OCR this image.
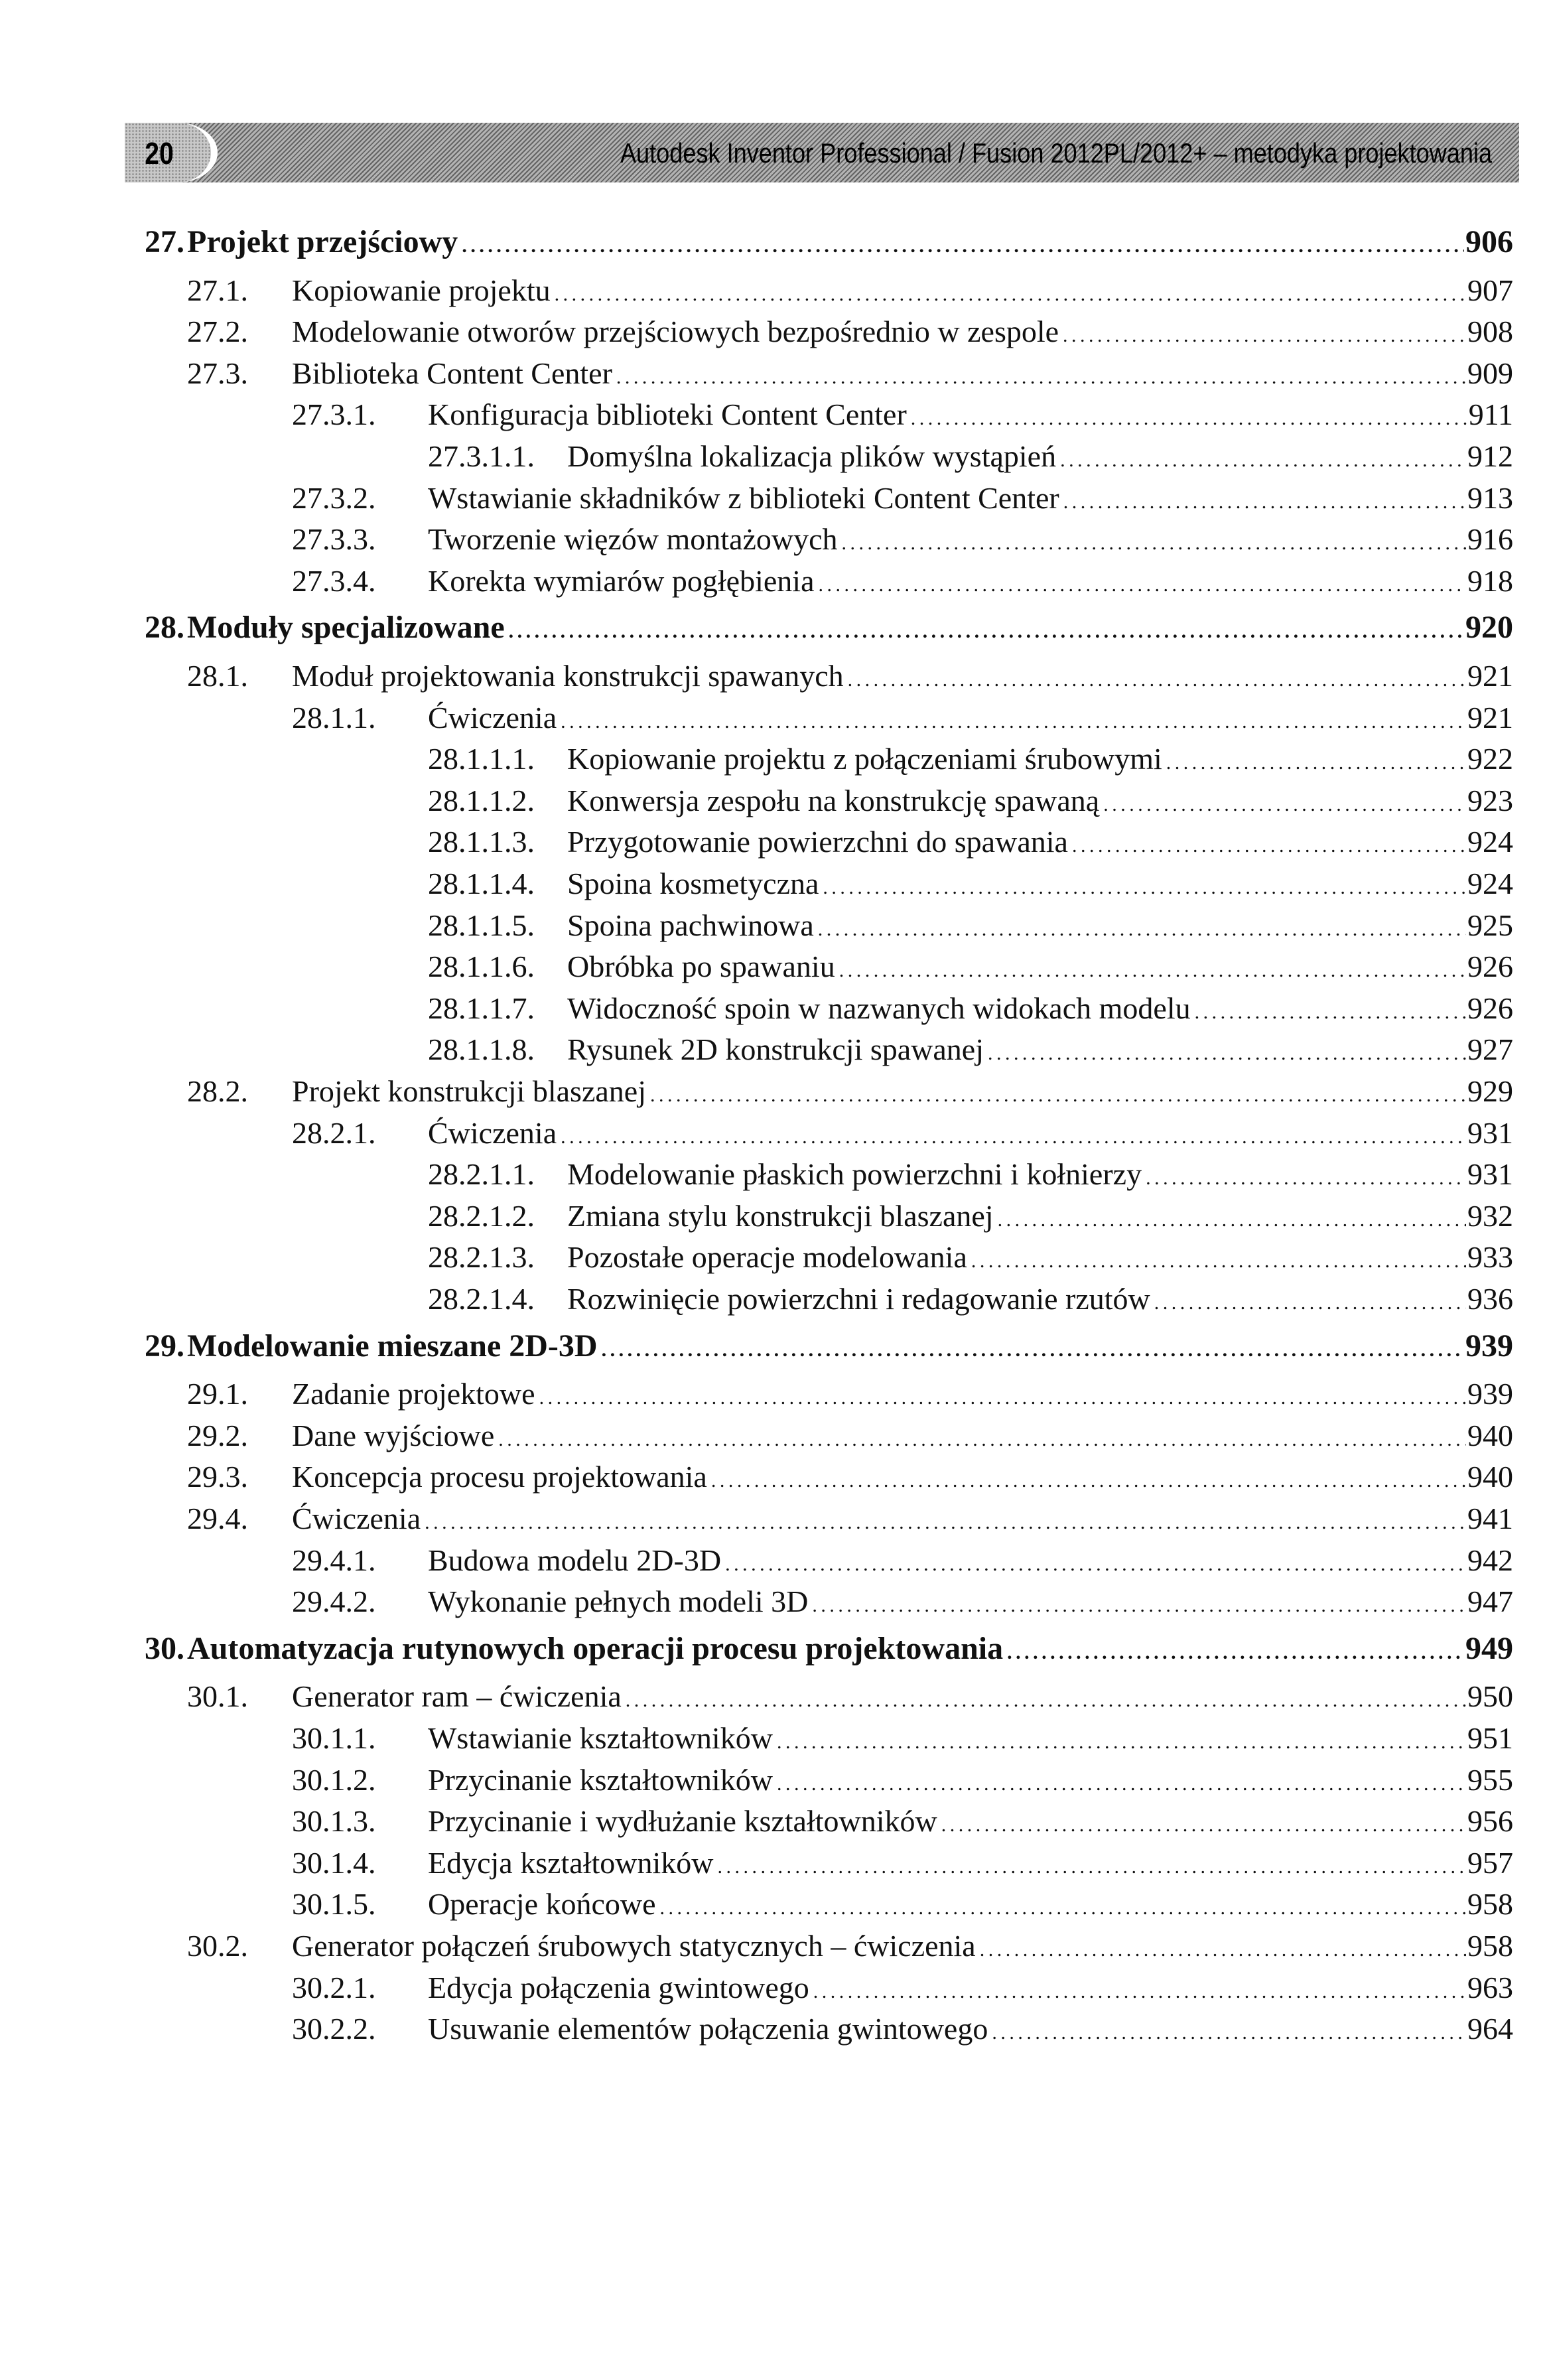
20	Autodesk Inventor Professional / Fusion 2012PL/2012+ – metodyka projektowania
27. Projekt przejściowy . . .	906
27.1. Kopiowanie projektu . . .	907
27.2. Modelowanie otworów przejściowych bezpośrednio w zespole . . .	908
27.3. Biblioteka Content Center . . .	909
27.3.1. Konfiguracja biblioteki Content Center . . .	911
27.3.1.1. Domyślna lokalizacja plików wystąpień . . .	912
27.3.2. Wstawianie składników z biblioteki Content Center . . .	913
27.3.3. Tworzenie więzów montażowych . . .	916
27.3.4. Korekta wymiarów pogłębienia . . .	918
28. Moduły specjalizowane . . .	920
28.1. Moduł projektowania konstrukcji spawanych . . .	921
28.1.1. Ćwiczenia . . .	921
28.1.1.1. Kopiowanie projektu z połączeniami śrubowymi . . .	922
28.1.1.2. Konwersja zespołu na konstrukcję spawaną . . .	923
28.1.1.3. Przygotowanie powierzchni do spawania . . .	924
28.1.1.4. Spoina kosmetyczna . . .	924
28.1.1.5. Spoina pachwinowa . . .	925
28.1.1.6. Obróbka po spawaniu . . .	926
28.1.1.7. Widoczność spoin w nazwanych widokach modelu . . .	926
28.1.1.8. Rysunek 2D konstrukcji spawanej . . .	927
28.2. Projekt konstrukcji blaszanej . . .	929
28.2.1. Ćwiczenia . . .	931
28.2.1.1. Modelowanie płaskich powierzchni i kołnierzy . . .	931
28.2.1.2. Zmiana stylu konstrukcji blaszanej . . .	932
28.2.1.3. Pozostałe operacje modelowania . . .	933
28.2.1.4. Rozwinięcie powierzchni i redagowanie rzutów . . .	936
29. Modelowanie mieszane 2D-3D . . .	939
29.1. Zadanie projektowe . . .	939
29.2. Dane wyjściowe . . .	940
29.3. Koncepcja procesu projektowania . . .	940
29.4. Ćwiczenia . . .	941
29.4.1. Budowa modelu 2D-3D . . .	942
29.4.2. Wykonanie pełnych modeli 3D . . .	947
30. Automatyzacja rutynowych operacji procesu projektowania . . .	949
30.1. Generator ram – ćwiczenia . . .	950
30.1.1. Wstawianie kształtowników . . .	951
30.1.2. Przycinanie kształtowników . . .	955
30.1.3. Przycinanie i wydłużanie kształtowników . . .	956
30.1.4. Edycja kształtowników . . .	957
30.1.5. Operacje końcowe . . .	958
30.2. Generator połączeń śrubowych statycznych – ćwiczenia . . .	958
30.2.1. Edycja połączenia gwintowego . . .	963
30.2.2. Usuwanie elementów połączenia gwintowego . . .	964
